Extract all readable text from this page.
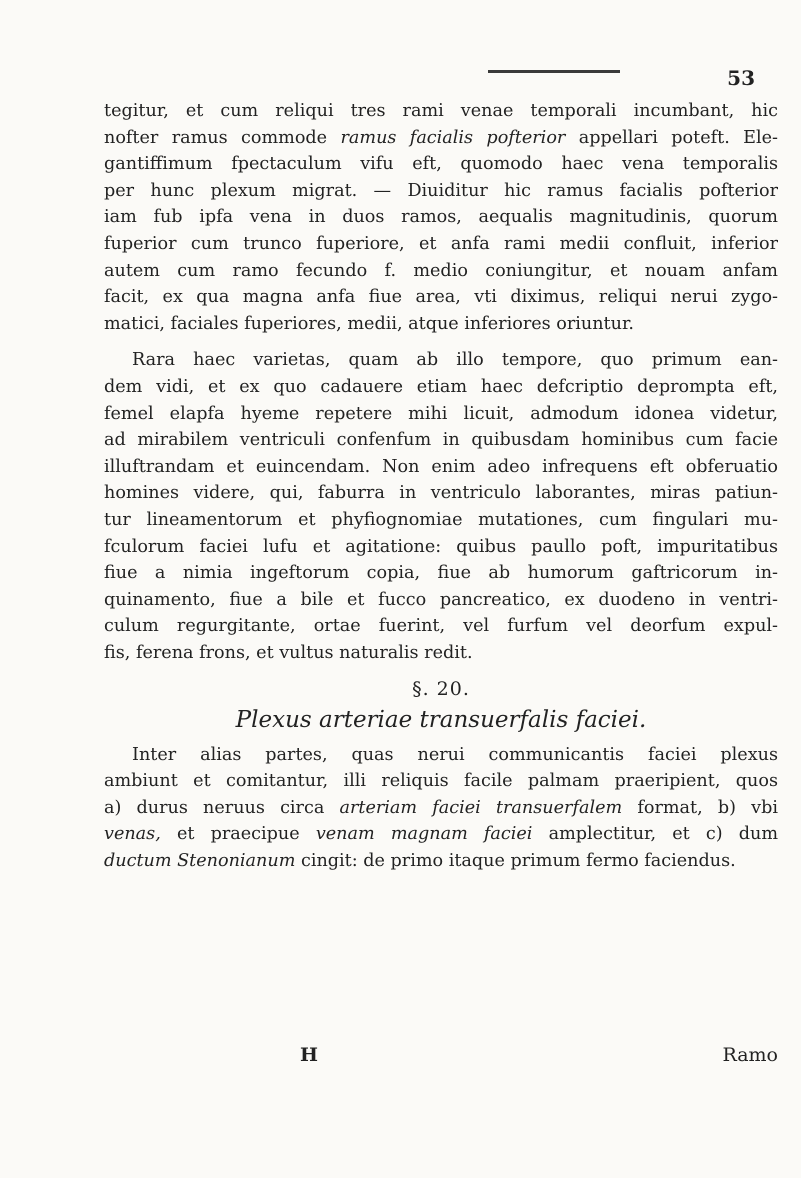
53
tegitur, et cum reliqui tres rami venae temporali incumbant, hic
nofter ramus commode ramus facialis pofterior appellari poteft. Ele-
gantiffimum fpectaculum vifu eft, quomodo haec vena temporalis
per hunc plexum migrat. — Diuiditur hic ramus facialis pofterior
iam fub ipfa vena in duos ramos, aequalis magnitudinis, quorum
fuperior cum trunco fuperiore, et anfa rami medii confluit, inferior
autem cum ramo fecundo f. medio coniungitur, et nouam anfam
facit, ex qua magna anfa fiue area, vti diximus, reliqui nerui zygo-
matici, faciales fuperiores, medii, atque inferiores oriuntur.
Rara haec varietas, quam ab illo tempore, quo primum ean-
dem vidi, et ex quo cadauere etiam haec defcriptio deprompta eft,
femel elapfa hyeme repetere mihi licuit, admodum idonea videtur,
ad mirabilem ventriculi confenfum in quibusdam hominibus cum facie
illuftrandam et euincendam. Non enim adeo infrequens eft obferuatio
homines videre, qui, faburra in ventriculo laborantes, miras patiun-
tur lineamentorum et phyfiognomiae mutationes, cum fingulari mu-
fculorum faciei lufu et agitatione: quibus paullo poft, impuritatibus
fiue a nimia ingeftorum copia, fiue ab humorum gaftricorum in-
quinamento, fiue a bile et fucco pancreatico, ex duodeno in ventri-
culum regurgitante, ortae fuerint, vel furfum vel deorfum expul-
fis, ferena frons, et vultus naturalis redit.
§. 20.
Plexus arteriae transuerfalis faciei.
Inter alias partes, quas nerui communicantis faciei plexus
ambiunt et comitantur, illi reliquis facile palmam praeripient, quos
a) durus neruus circa arteriam faciei transuerfalem format, b) vbi
venas, et praecipue venam magnam faciei amplectitur, et c) dum
ductum Stenonianum cingit: de primo itaque primum fermo faciendus.
H	Ramo
